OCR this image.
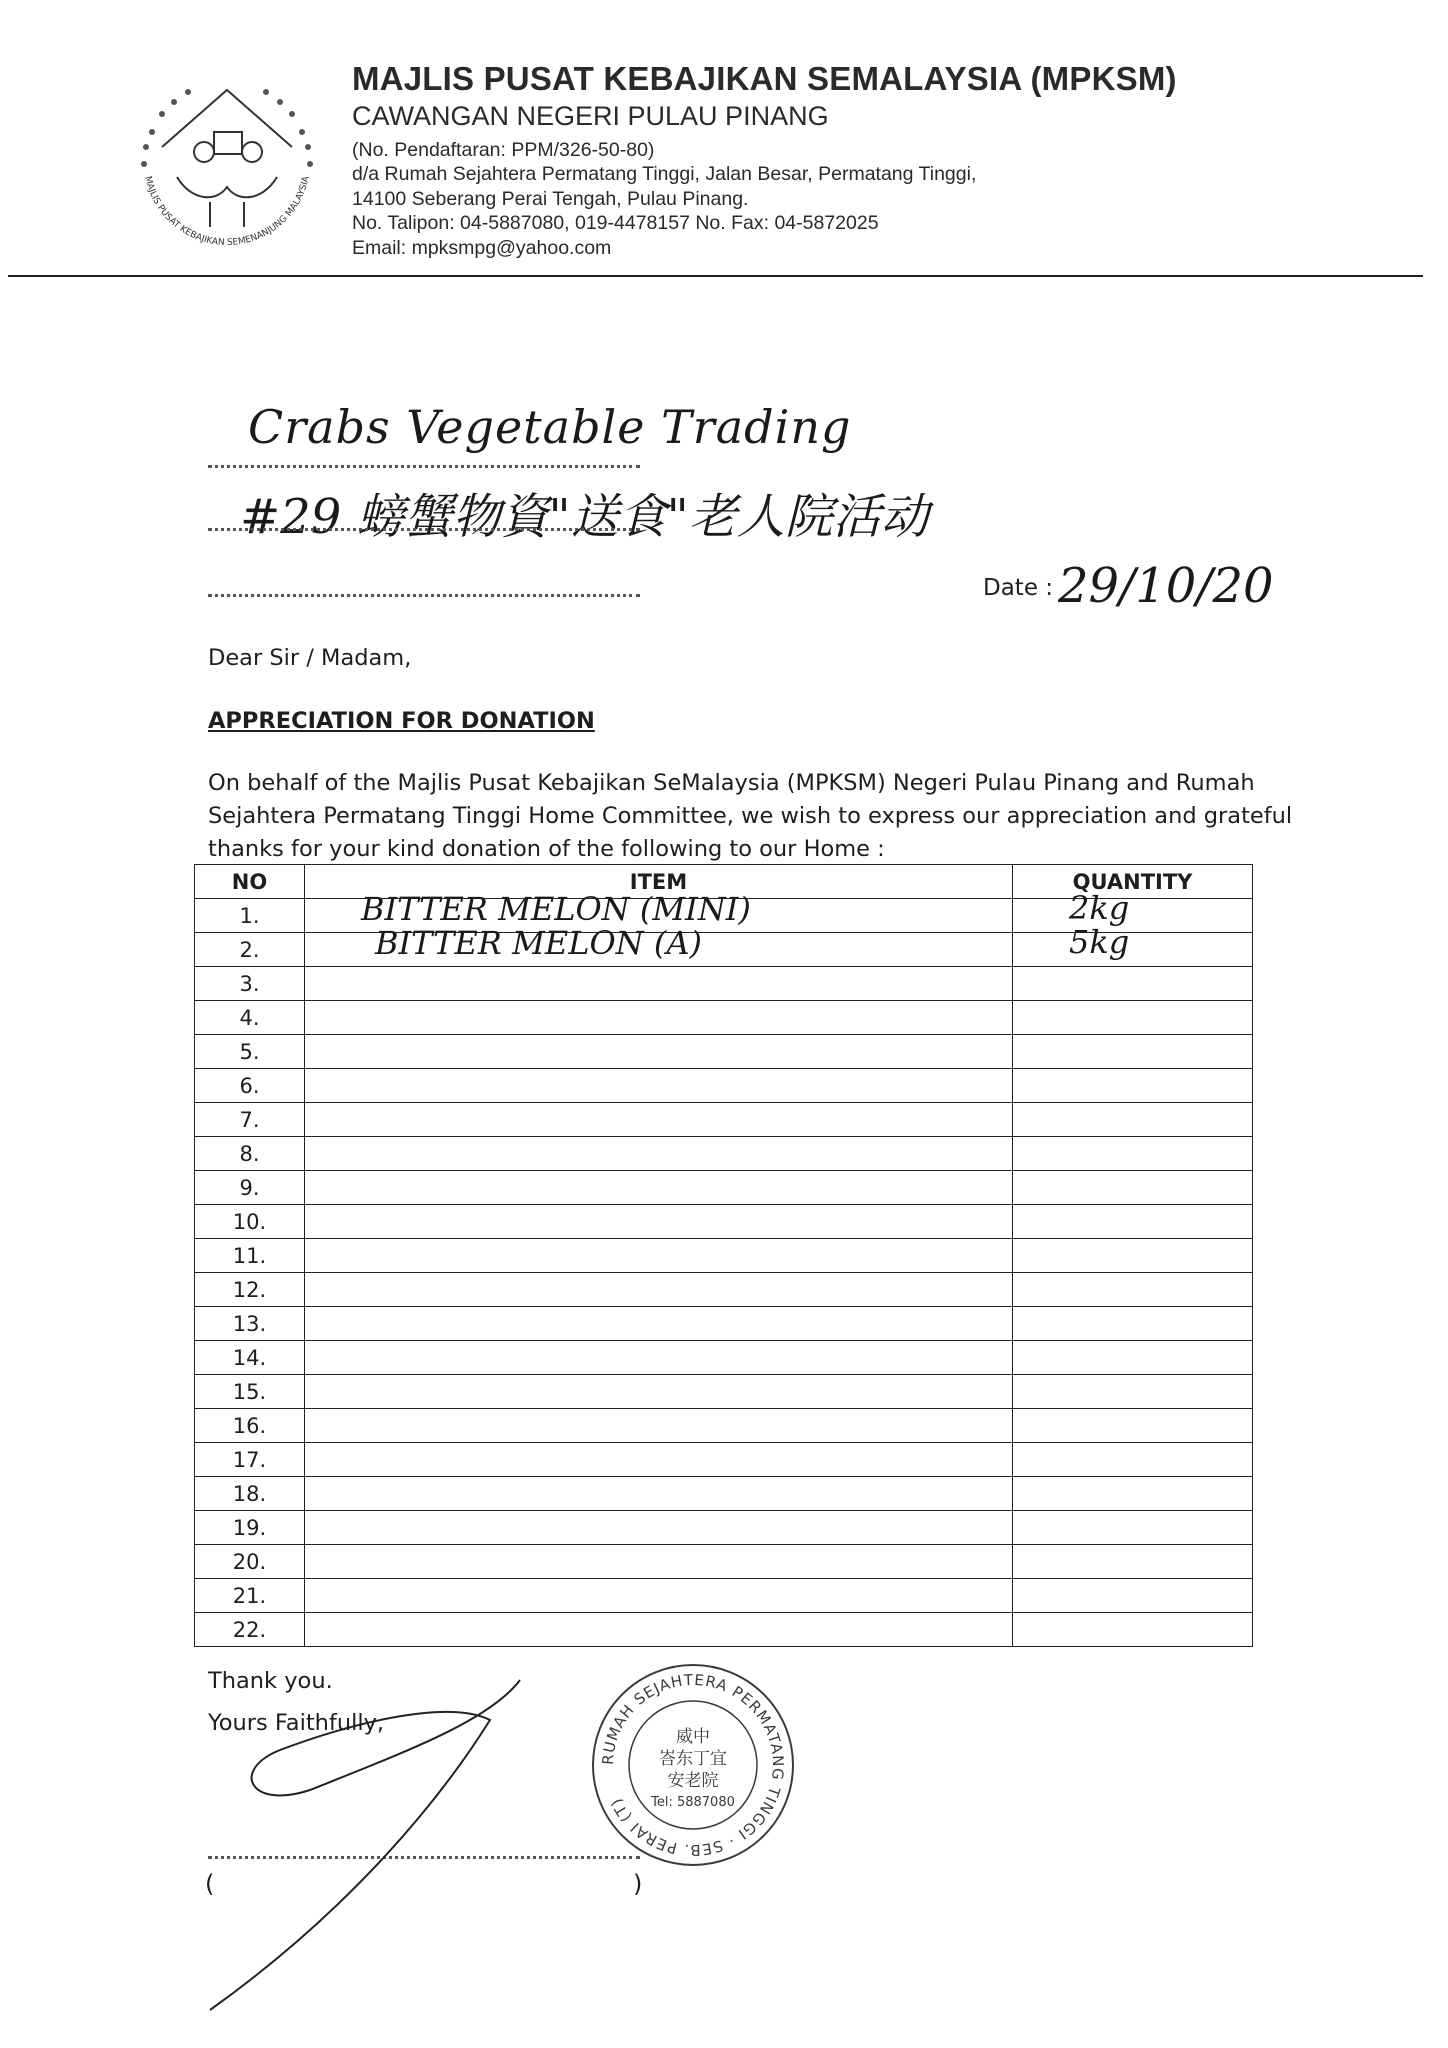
MAJLIS PUSAT KEBAJIKAN SEMENANJUNG MALAYSIA
MAJLIS PUSAT KEBAJIKAN SEMALAYSIA (MPKSM)
CAWANGAN NEGERI PULAU PINANG
(No. Pendaftaran: PPM/326-50-80)
d/a Rumah Sejahtera Permatang Tinggi, Jalan Besar, Permatang Tinggi,
14100 Seberang Perai Tengah, Pulau Pinang.
No. Talipon: 04-5887080, 019-4478157 No. Fax: 04-5872025
Email: mpksmpg@yahoo.com
Crabs Vegetable Trading
#29 螃蟹物資"送食"老人院活动
Date : 29/10/20
Dear Sir / Madam,
APPRECIATION FOR DONATION
On behalf of the Majlis Pusat Kebajikan SeMalaysia (MPKSM) Negeri Pulau Pinang and Rumah
Sejahtera Permatang Tinggi Home Committee, we wish to express our appreciation and grateful
thanks for your kind donation of the following to our Home :
NO	ITEM	QUANTITY
1.	BITTER MELON (MINI)	2kg

2.	BITTER MELON (A)	5kg

3.		
4.		
5.		
6.		
7.		
8.		
9.		
10.		
11.		
12.		
13.		
14.		
15.		
16.		
17.		
18.		
19.		
20.		
21.		
22.		
Thank you.
Yours Faithfully,
(	)
RUMAH SEJAHTERA PERMATANG TINGGI · SEB. PERAI (T)
威中
峇东丁宜
安老院
Tel: 5887080
